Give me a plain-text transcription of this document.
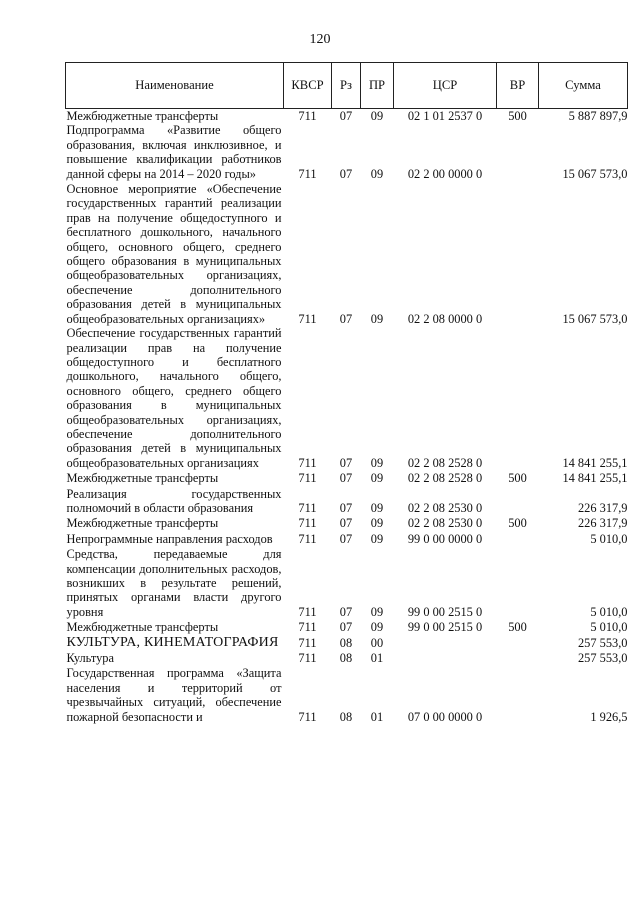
120
Наименование	КВСР	Рз	ПР	ЦСР	ВР	Сумма
Межбюджетные трансферты	711	07	09	02 1 01 2537 0	500	5 887 897,9
Подпрограмма «Развитие общего образования, включая инклюзивное, и повышение квалификации работников данной сферы на 2014 – 2020 годы»	711	07	09	02 2 00 0000 0		15 067 573,0
Основное мероприятие «Обеспечение государственных гарантий реализации прав на получение общедоступного и бесплатного дошкольного, начального общего, основного общего, среднего общего образования в муниципальных общеобразовательных организациях, обеспечение дополнительного образования детей в муниципальных общеобразовательных организациях»	711	07	09	02 2 08 0000 0		15 067 573,0
Обеспечение государственных гарантий реализации прав на получение общедоступного и бесплатного дошкольного, начального общего, основного общего, среднего общего образования в муниципальных общеобразовательных организациях, обеспечение дополнительного образования детей в муниципальных общеобразовательных организациях	711	07	09	02 2 08 2528 0		14 841 255,1
Межбюджетные трансферты	711	07	09	02 2 08 2528 0	500	14 841 255,1
Реализация государственных полномочий в области образования	711	07	09	02 2 08 2530 0		226 317,9
Межбюджетные трансферты	711	07	09	02 2 08 2530 0	500	226 317,9
Непрограммные направления расходов	711	07	09	99 0 00 0000 0		5 010,0
Средства, передаваемые для компенсации дополнительных расходов, возникших в результате решений, принятых органами власти другого уровня	711	07	09	99 0 00 2515 0		5 010,0
Межбюджетные трансферты	711	07	09	99 0 00 2515 0	500	5 010,0
КУЛЬТУРА, КИНЕМАТОГРАФИЯ	711	08	00			257 553,0
Культура	711	08	01			257 553,0
Государственная программа «Защита населения и территорий от чрезвычайных ситуаций, обеспечение пожарной безопасности и	711	08	01	07 0 00 0000 0		1 926,5
